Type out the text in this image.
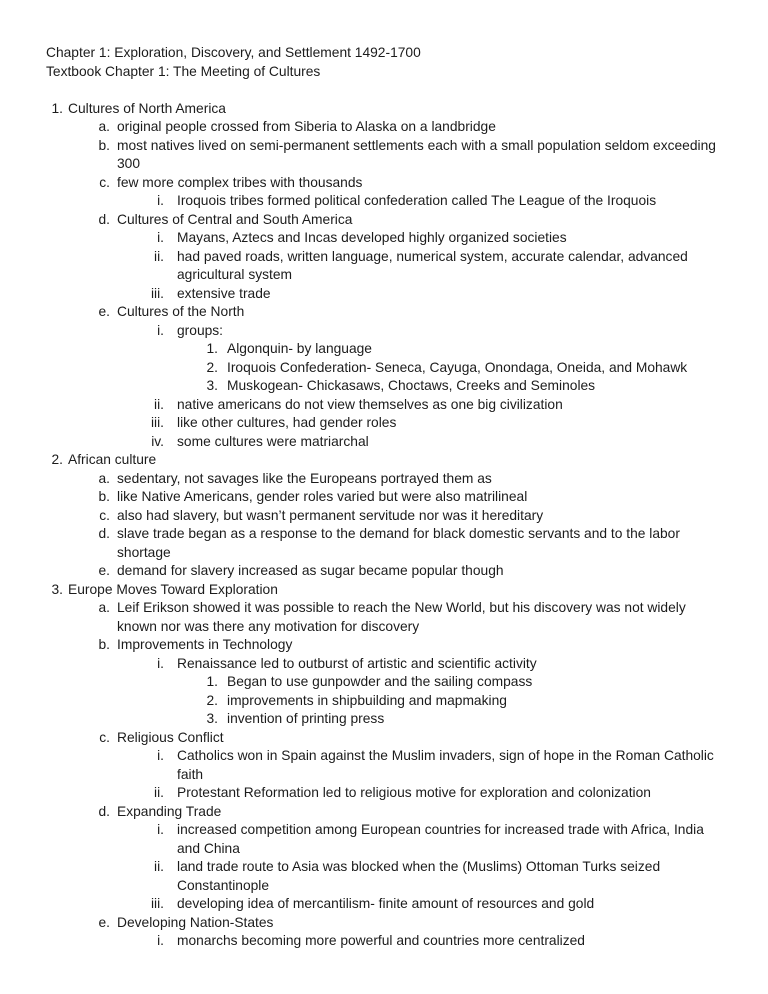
Chapter 1: Exploration, Discovery, and Settlement 1492-1700
Textbook Chapter 1: The Meeting of Cultures
1. Cultures of North America
a. original people crossed from Siberia to Alaska on a landbridge
b. most natives lived on semi-permanent settlements each with a small population seldom exceeding 300
c. few more complex tribes with thousands
i. Iroquois tribes formed political confederation called The League of the Iroquois
d. Cultures of Central and South America
i. Mayans, Aztecs and Incas developed highly organized societies
ii. had paved roads, written language, numerical system, accurate calendar, advanced agricultural system
iii. extensive trade
e. Cultures of the North
i. groups:
1. Algonquin- by language
2. Iroquois Confederation- Seneca, Cayuga, Onondaga, Oneida, and Mohawk
3. Muskogean- Chickasaws, Choctaws, Creeks and Seminoles
ii. native americans do not view themselves as one big civilization
iii. like other cultures, had gender roles
iv. some cultures were matriarchal
2. African culture
a. sedentary, not savages like the Europeans portrayed them as
b. like Native Americans, gender roles varied but were also matrilineal
c. also had slavery, but wasn’t permanent servitude nor was it hereditary
d. slave trade began as a response to the demand for black domestic servants and to the labor shortage
e. demand for slavery increased as sugar became popular though
3. Europe Moves Toward Exploration
a. Leif Erikson showed it was possible to reach the New World, but his discovery was not widely known nor was there any motivation for discovery
b. Improvements in Technology
i. Renaissance led to outburst of artistic and scientific activity
1. Began to use gunpowder and the sailing compass
2. improvements in shipbuilding and mapmaking
3. invention of printing press
c. Religious Conflict
i. Catholics won in Spain against the Muslim invaders, sign of hope in the Roman Catholic faith
ii. Protestant Reformation led to religious motive for exploration and colonization
d. Expanding Trade
i. increased competition among European countries for increased trade with Africa, India and China
ii. land trade route to Asia was blocked when the (Muslims) Ottoman Turks seized Constantinople
iii. developing idea of mercantilism- finite amount of resources and gold
e. Developing Nation-States
i. monarchs becoming more powerful and countries more centralized
